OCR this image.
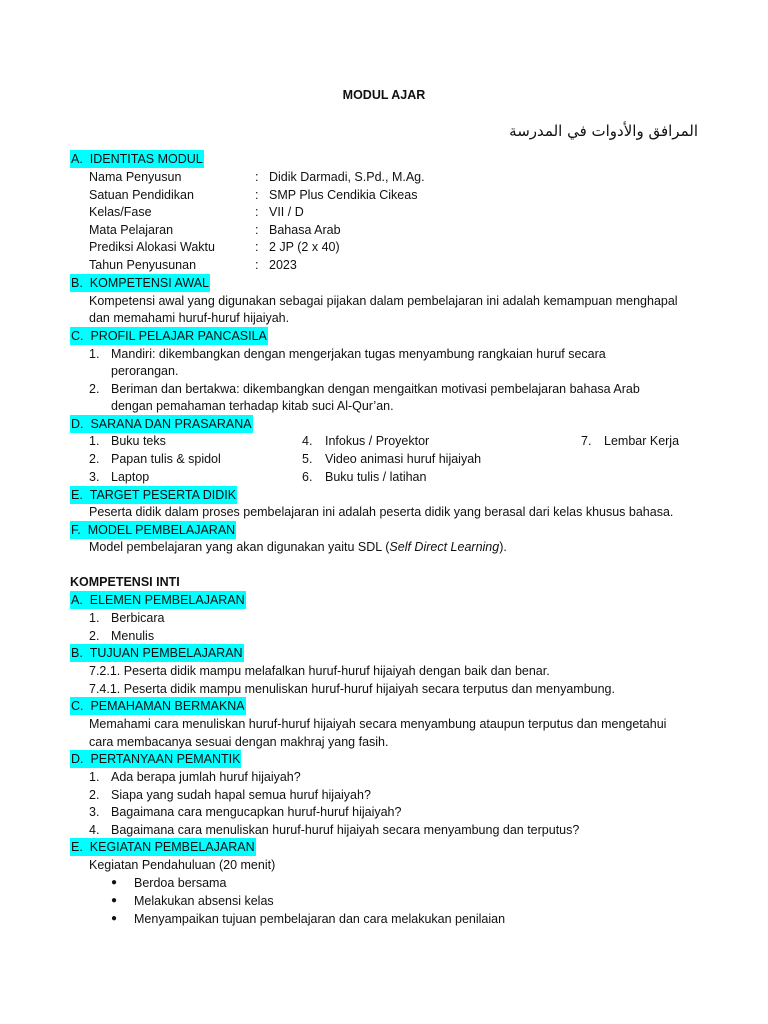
MODUL AJAR
المرافق والأدوات في المدرسة
A. IDENTITAS MODUL
Nama Penyusun	: Didik Darmadi, S.Pd., M.Ag.
Satuan Pendidikan	: SMP Plus Cendikia Cikeas
Kelas/Fase	: VII / D
Mata Pelajaran	: Bahasa Arab
Prediksi Alokasi Waktu	: 2 JP (2 x 40)
Tahun Penyusunan	: 2023
B. KOMPETENSI AWAL
Kompetensi awal yang digunakan sebagai pijakan dalam pembelajaran ini adalah kemampuan menghapal
dan memahami huruf-huruf hijaiyah.
C. PROFIL PELAJAR PANCASILA
1. Mandiri: dikembangkan dengan mengerjakan tugas menyambung rangkaian huruf secara
perorangan.
2. Beriman dan bertakwa: dikembangkan dengan mengaitkan motivasi pembelajaran bahasa Arab
dengan pemahaman terhadap kitab suci Al-Qur’an.
D. SARANA DAN PRASARANA
1. Buku teks	4. Infokus / Proyektor	7. Lembar Kerja
2. Papan tulis & spidol	5. Video animasi huruf hijaiyah
3. Laptop	6. Buku tulis / latihan
E. TARGET PESERTA DIDIK
Peserta didik dalam proses pembelajaran ini adalah peserta didik yang berasal dari kelas khusus bahasa.
F. MODEL PEMBELAJARAN
Model pembelajaran yang akan digunakan yaitu SDL (Self Direct Learning).
KOMPETENSI INTI
A. ELEMEN PEMBELAJARAN
1. Berbicara
2. Menulis
B. TUJUAN PEMBELAJARAN
7.2.1. Peserta didik mampu melafalkan huruf-huruf hijaiyah dengan baik dan benar.
7.4.1. Peserta didik mampu menuliskan huruf-huruf hijaiyah secara terputus dan menyambung.
C. PEMAHAMAN BERMAKNA
Memahami cara menuliskan huruf-huruf hijaiyah secara menyambung ataupun terputus dan mengetahui
cara membacanya sesuai dengan makhraj yang fasih.
D. PERTANYAAN PEMANTIK
1. Ada berapa jumlah huruf hijaiyah?
2. Siapa yang sudah hapal semua huruf hijaiyah?
3. Bagaimana cara mengucapkan huruf-huruf hijaiyah?
4. Bagaimana cara menuliskan huruf-huruf hijaiyah secara menyambung dan terputus?
E. KEGIATAN PEMBELAJARAN
Kegiatan Pendahuluan (20 menit)
● Berdoa bersama
● Melakukan absensi kelas
● Menyampaikan tujuan pembelajaran dan cara melakukan penilaian
